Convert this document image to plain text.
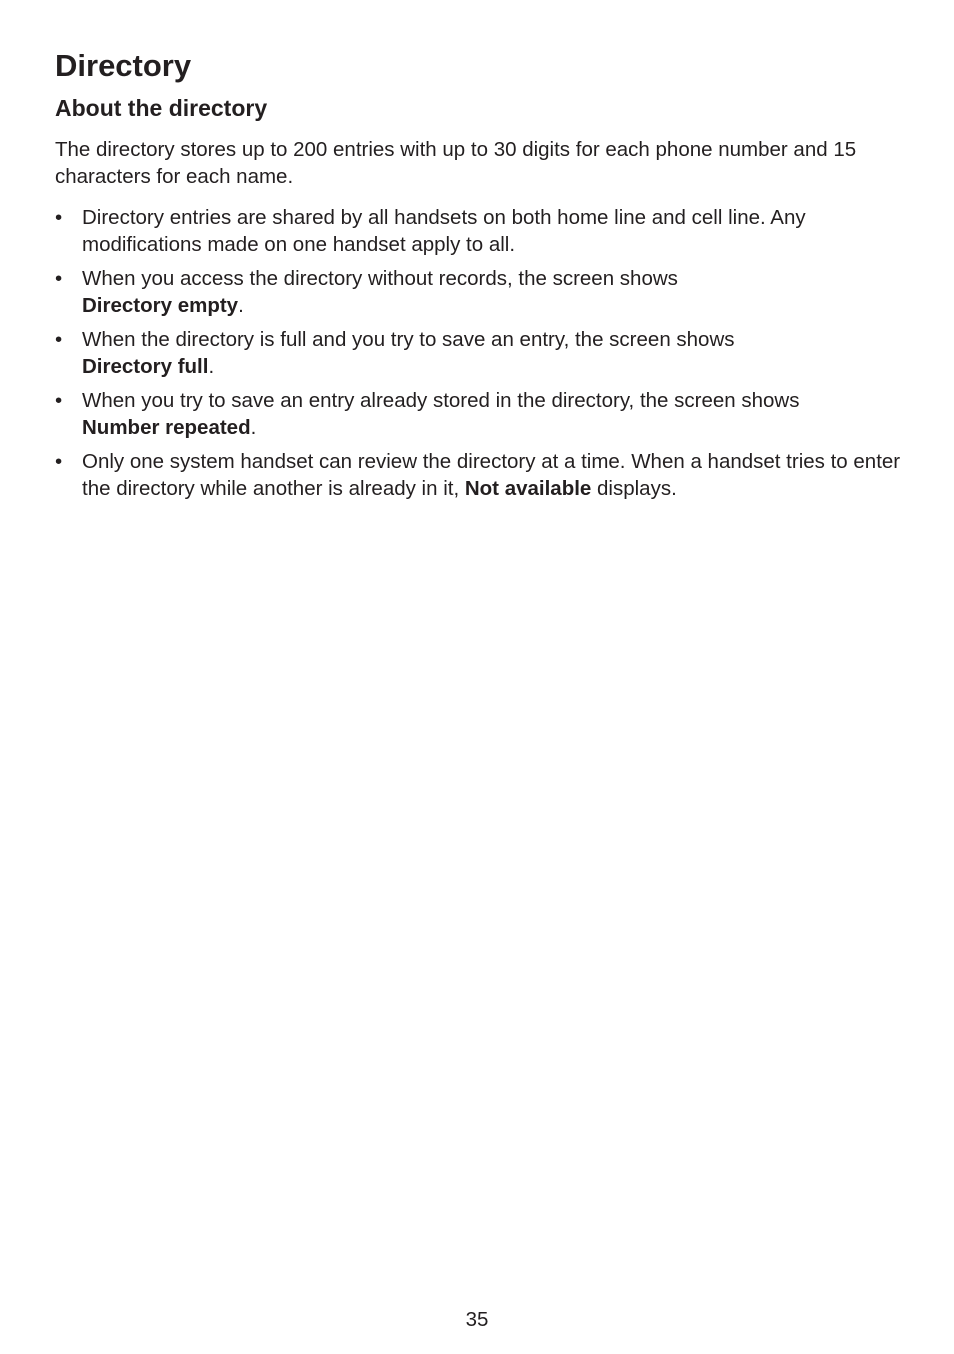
Directory
About the directory

The directory stores up to 200 entries with up to 30 digits for each phone number and 15 characters for each name.

• Directory entries are shared by all handsets on both home line and cell line. Any modifications made on one handset apply to all.
• When you access the directory without records, the screen shows
Directory empty.
• When the directory is full and you try to save an entry, the screen shows
Directory full.
• When you try to save an entry already stored in the directory, the screen shows
Number repeated.
• Only one system handset can review the directory at a time. When a handset tries to enter the directory while another is already in it, Not available displays.
35
